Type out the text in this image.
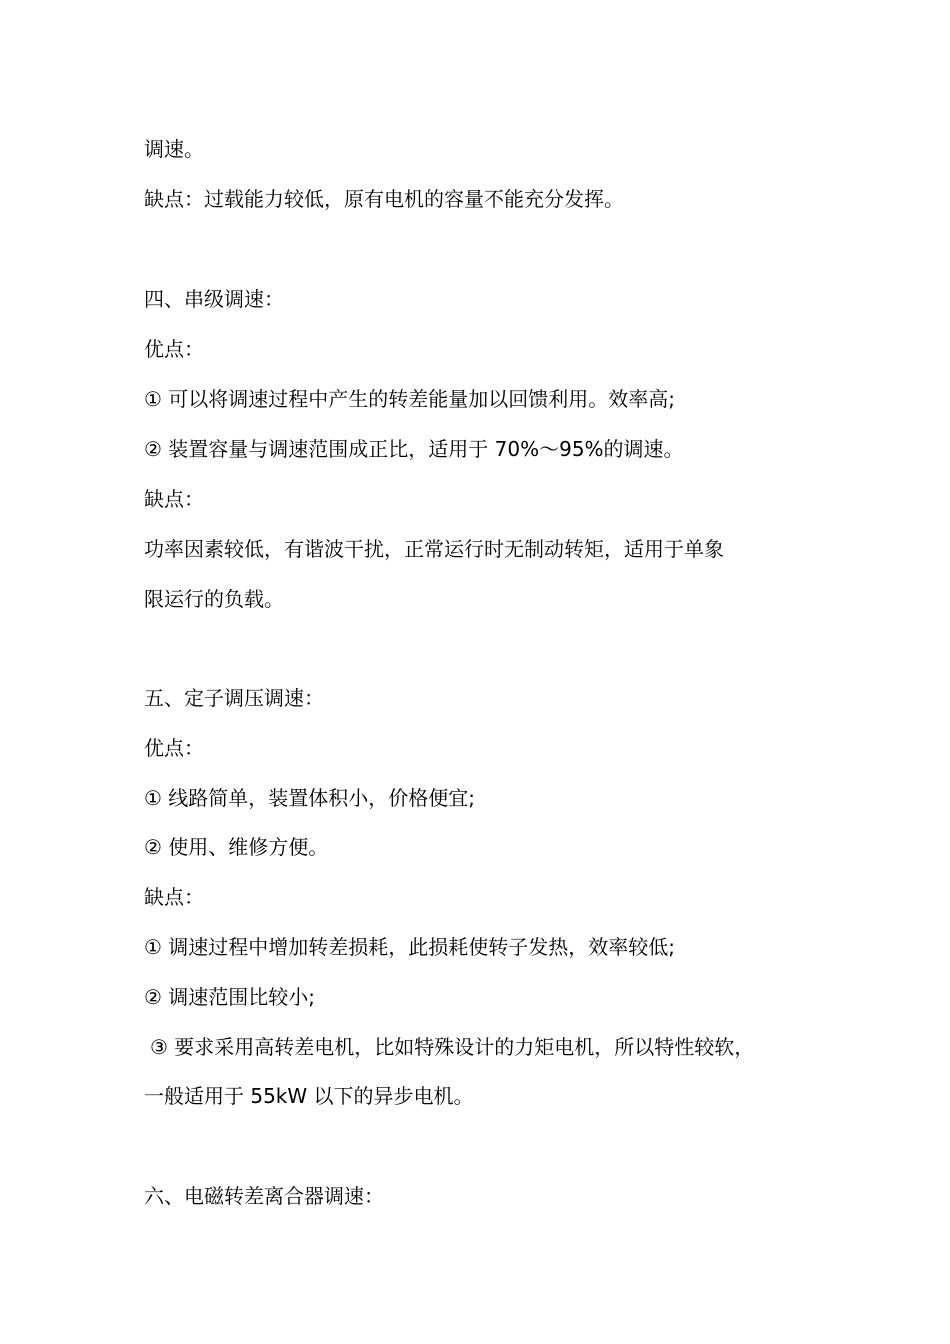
调速。
缺点：过载能力较低，原有电机的容量不能充分发挥。
四、串级调速：
优点：
① 可以将调速过程中产生的转差能量加以回馈利用。效率高;
② 装置容量与调速范围成正比，适用于 70%～95%的调速。
缺点：
功率因素较低，有谐波干扰，正常运行时无制动转矩，适用于单象
限运行的负载。
五、定子调压调速：
优点：
① 线路简单，装置体积小，价格便宜;
② 使用、维修方便。
缺点：
① 调速过程中增加转差损耗，此损耗使转子发热，效率较低;
② 调速范围比较小;
③ 要求采用高转差电机，比如特殊设计的力矩电机，所以特性较软，
一般适用于 55kW 以下的异步电机。
六、电磁转差离合器调速：
